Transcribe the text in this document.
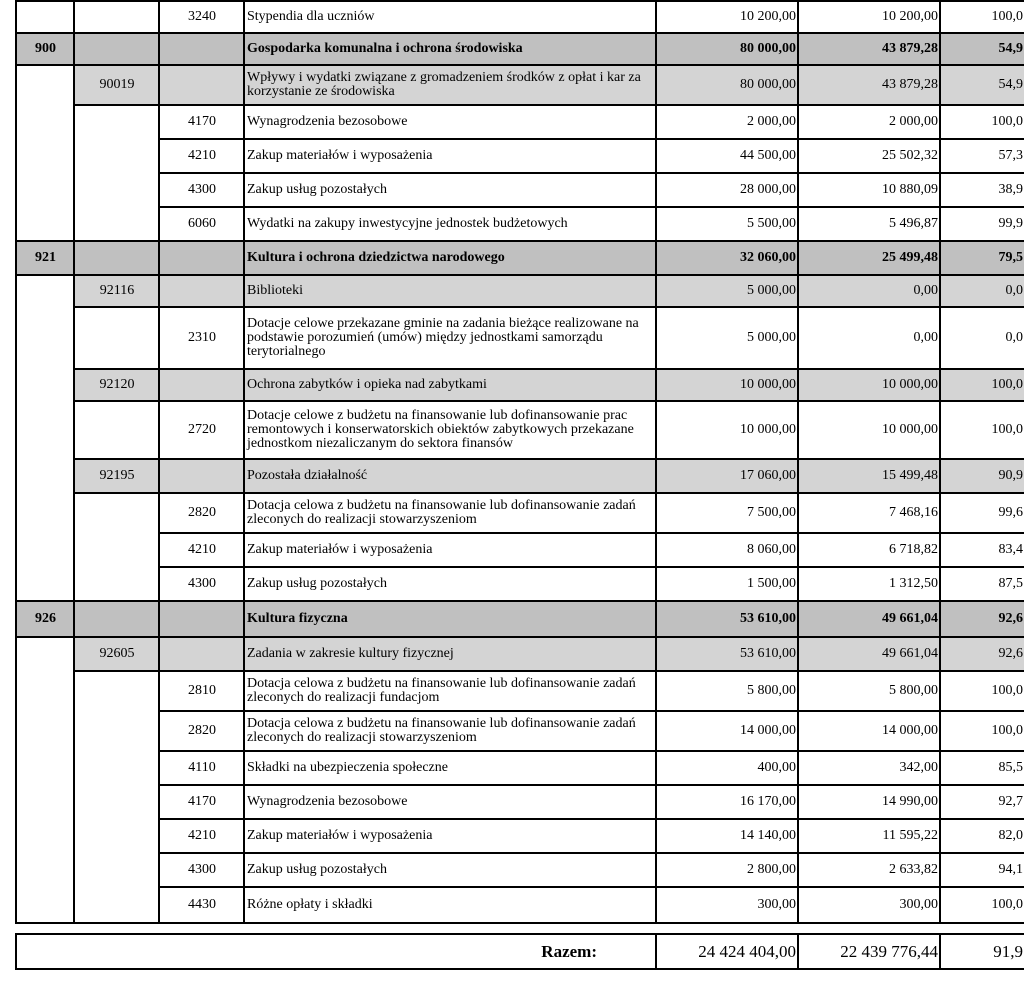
		3240	Stypendia dla uczniów	10 200,00	10 200,00	100,0
900			Gospodarka komunalna i ochrona środowiska	80 000,00	43 879,28	54,9
	90019		Wpływy i wydatki związane z gromadzeniem środków z opłat i kar za korzystanie ze środowiska	80 000,00	43 879,28	54,9
		4170	Wynagrodzenia bezosobowe	2 000,00	2 000,00	100,0
		4210	Zakup materiałów i wyposażenia	44 500,00	25 502,32	57,3
		4300	Zakup usług pozostałych	28 000,00	10 880,09	38,9
		6060	Wydatki na zakupy inwestycyjne jednostek budżetowych	5 500,00	5 496,87	99,9
921			Kultura i ochrona dziedzictwa narodowego	32 060,00	25 499,48	79,5
	92116		Biblioteki	5 000,00	0,00	0,0
		2310	Dotacje celowe przekazane gminie na zadania bieżące realizowane na podstawie porozumień (umów) między jednostkami samorządu terytorialnego	5 000,00	0,00	0,0
	92120		Ochrona zabytków i opieka nad zabytkami	10 000,00	10 000,00	100,0
		2720	Dotacje celowe z budżetu na finansowanie lub dofinansowanie prac remontowych i konserwatorskich obiektów zabytkowych przekazane jednostkom niezaliczanym do sektora finansów	10 000,00	10 000,00	100,0
	92195		Pozostała działalność	17 060,00	15 499,48	90,9
		2820	Dotacja celowa z budżetu na finansowanie lub dofinansowanie zadań zleconych do realizacji stowarzyszeniom	7 500,00	7 468,16	99,6
		4210	Zakup materiałów i wyposażenia	8 060,00	6 718,82	83,4
		4300	Zakup usług pozostałych	1 500,00	1 312,50	87,5
926			Kultura fizyczna	53 610,00	49 661,04	92,6
	92605		Zadania w zakresie kultury fizycznej	53 610,00	49 661,04	92,6
		2810	Dotacja celowa z budżetu na finansowanie lub dofinansowanie zadań zleconych do realizacji fundacjom	5 800,00	5 800,00	100,0
		2820	Dotacja celowa z budżetu na finansowanie lub dofinansowanie zadań zleconych do realizacji stowarzyszeniom	14 000,00	14 000,00	100,0
		4110	Składki na ubezpieczenia społeczne	400,00	342,00	85,5
		4170	Wynagrodzenia bezosobowe	16 170,00	14 990,00	92,7
		4210	Zakup materiałów i wyposażenia	14 140,00	11 595,22	82,0
		4300	Zakup usług pozostałych	2 800,00	2 633,82	94,1
		4430	Różne opłaty i składki	300,00	300,00	100,0
Razem:	24 424 404,00	22 439 776,44	91,9
